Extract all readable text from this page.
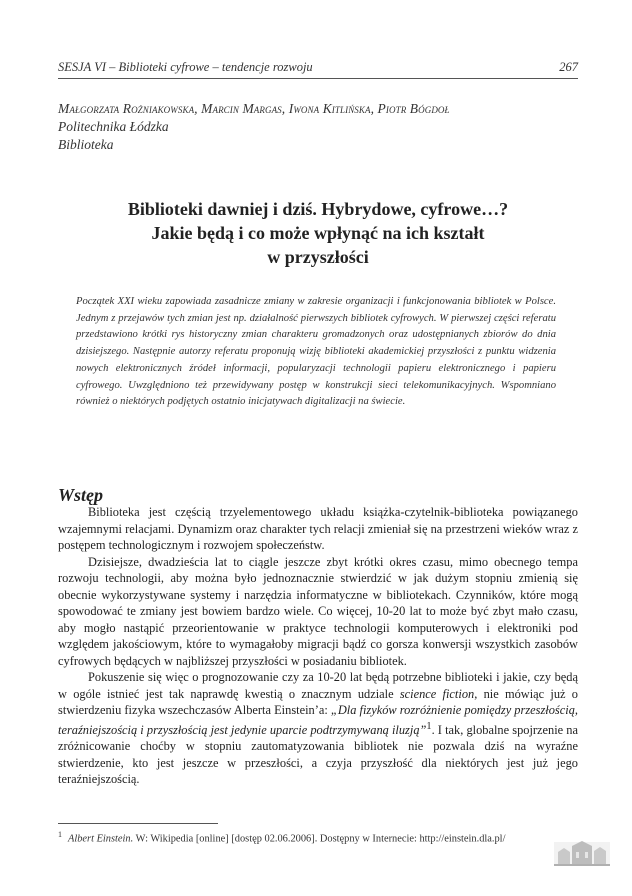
SESJA VI – Biblioteki cyfrowe – tendencje rozwoju	267
Małgorzata Rożniakowska, Marcin Margas, Iwona Kitlińska, Piotr Bógdoł
Politechnika Łódzka
Biblioteka
Biblioteki dawniej i dziś. Hybrydowe, cyfrowe…?
Jakie będą i co może wpłynąć na ich kształt
w przyszłości
Początek XXI wieku zapowiada zasadnicze zmiany w zakresie organizacji i funkcjonowania bibliotek w Polsce. Jednym z przejawów tych zmian jest np. działalność pierwszych bibliotek cyfrowych. W pierwszej części referatu przedstawiono krótki rys historyczny zmian charakteru gromadzonych oraz udostępnianych zbiorów do dnia dzisiejszego. Następnie autorzy referatu proponują wizję biblioteki akademickiej przyszłości z punktu widzenia nowych elektronicznych źródeł informacji, popularyzacji technologii papieru elektronicznego i papieru cyfrowego. Uwzględniono też przewidywany postęp w konstrukcji sieci telekomunikacyjnych. Wspomniano również o niektórych podjętych ostatnio inicjatywach digitalizacji na świecie.
Wstęp

Biblioteka jest częścią trzyelementowego układu książka-czytelnik-biblioteka powiązanego wzajemnymi relacjami. Dynamizm oraz charakter tych relacji zmieniał się na przestrzeni wieków wraz z postępem technologicznym i rozwojem społeczeństw.

Dzisiejsze, dwadzieścia lat to ciągle jeszcze zbyt krótki okres czasu, mimo obecnego tempa rozwoju technologii, aby można było jednoznacznie stwierdzić w jak dużym stopniu zmienią się obecnie wykorzystywane systemy i narzędzia informatyczne w bibliotekach. Czynników, które mogą spowodować te zmiany jest bowiem bardzo wiele. Co więcej, 10-20 lat to może być zbyt mało czasu, aby mogło nastąpić przeorientowanie w praktyce technologii komputerowych i elektroniki pod względem jakościowym, które to wymagałoby migracji bądź co gorsza konwersji wszystkich zasobów cyfrowych będących w najbliższej przyszłości w posiadaniu bibliotek.

Pokuszenie się więc o prognozowanie czy za 10-20 lat będą potrzebne biblioteki i jakie, czy będą w ogóle istnieć jest tak naprawdę kwestią o znacznym udziale science fiction, nie mówiąc już o stwierdzeniu fizyka wszechczasów Alberta Einstein’a: „Dla fizyków rozróżnienie pomiędzy przeszłością, teraźniejszością i przyszłością jest jedynie uparcie podtrzymywaną iluzją”$^1$. I tak, globalne spojrzenie na zróżnicowanie choćby w stopniu zautomatyzowania bibliotek nie pozwala dziś na wyraźne stwierdzenie, kto jest jeszcze w przeszłości, a czyja przyszłość dla niektórych jest już jego teraźniejszością.

$^1$ Albert Einstein. W: Wikipedia [online] [dostęp 02.06.2006]. Dostępny w Internecie: http://einstein.dla.pl/
